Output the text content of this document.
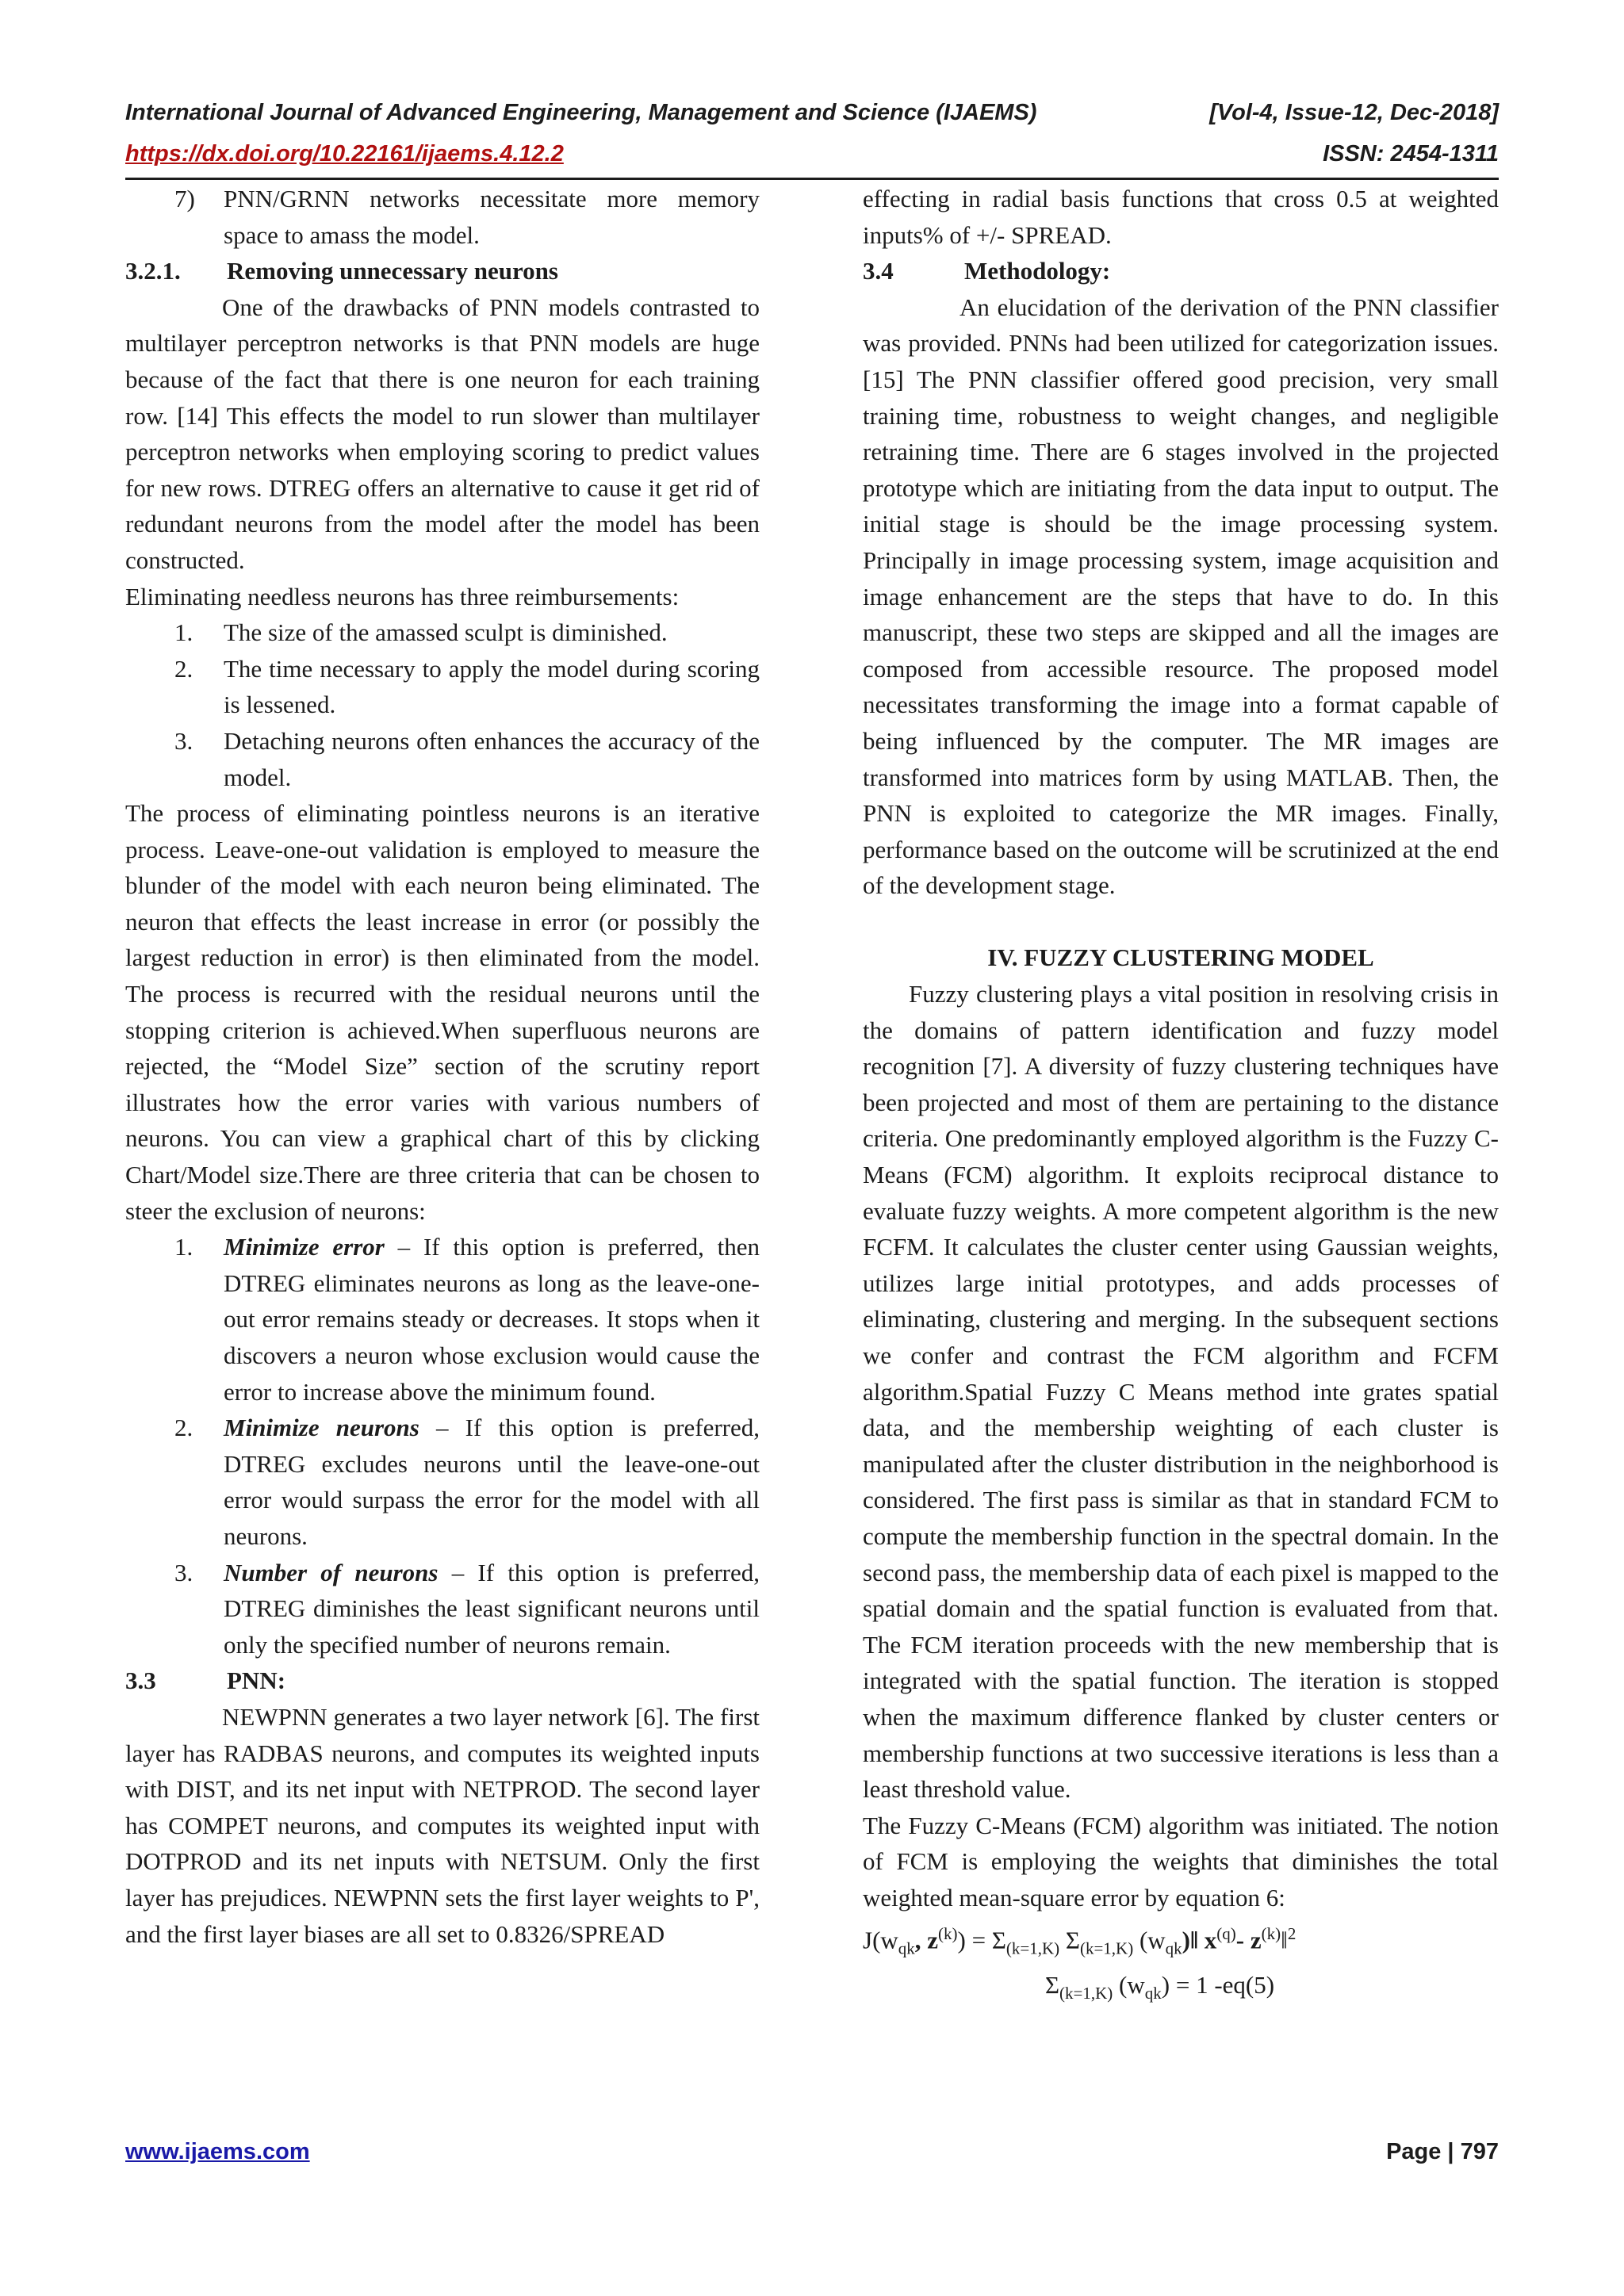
International Journal of Advanced Engineering, Management and Science (IJAEMS)	[Vol-4, Issue-12, Dec-2018]
https://dx.doi.org/10.22161/ijaems.4.12.2	ISSN: 2454-1311
7) PNN/GRNN networks necessitate more memory space to amass the model.

3.2.1. Removing unnecessary neurons

One of the drawbacks of PNN models contrasted to multilayer perceptron networks is that PNN models are huge because of the fact that there is one neuron for each training row. [14] This effects the model to run slower than multilayer perceptron networks when employing scoring to predict values for new rows. DTREG offers an alternative to cause it get rid of redundant neurons from the model after the model has been constructed.

Eliminating needless neurons has three reimbursements:

1. The size of the amassed sculpt is diminished.
2. The time necessary to apply the model during scoring is lessened.
3. Detaching neurons often enhances the accuracy of the model.

The process of eliminating pointless neurons is an iterative process. Leave-one-out validation is employed to measure the blunder of the model with each neuron being eliminated. The neuron that effects the least increase in error (or possibly the largest reduction in error) is then eliminated from the model. The process is recurred with the residual neurons until the stopping criterion is achieved.When superfluous neurons are rejected, the “Model Size” section of the scrutiny report illustrates how the error varies with various numbers of neurons. You can view a graphical chart of this by clicking Chart/Model size.There are three criteria that can be chosen to steer the exclusion of neurons:

1. Minimize error – If this option is preferred, then DTREG eliminates neurons as long as the leave-one-out error remains steady or decreases. It stops when it discovers a neuron whose exclusion would cause the error to increase above the minimum found.
2. Minimize neurons – If this option is preferred, DTREG excludes neurons until the leave-one-out error would surpass the error for the model with all neurons.
3. Number of neurons – If this option is preferred, DTREG diminishes the least significant neurons until only the specified number of neurons remain.

3.3	PNN:

NEWPNN generates a two layer network [6]. The first layer has RADBAS neurons, and computes its weighted inputs with DIST, and its net input with NETPROD. The second layer has COMPET neurons, and computes its weighted input with DOTPROD and its net inputs with NETSUM. Only the first layer has prejudices. NEWPNN sets the first layer weights to P', and the first layer biases are all set to 0.8326/SPREAD

effecting in radial basis functions that cross 0.5 at weighted inputs% of +/- SPREAD.

3.4	Methodology:

An elucidation of the derivation of the PNN classifier was provided. PNNs had been utilized for categorization issues.[15] The PNN classifier offered good precision, very small training time, robustness to weight changes, and negligible retraining time. There are 6 stages involved in the projected prototype which are initiating from the data input to output. The initial stage is should be the image processing system. Principally in image processing system, image acquisition and image enhancement are the steps that have to do. In this manuscript, these two steps are skipped and all the images are composed from accessible resource. The proposed model necessitates transforming the image into a format capable of being influenced by the computer. The MR images are transformed into matrices form by using MATLAB. Then, the PNN is exploited to categorize the MR images. Finally, performance based on the outcome will be scrutinized at the end of the development stage.

IV. FUZZY CLUSTERING MODEL

Fuzzy clustering plays a vital position in resolving crisis in the domains of pattern identification and fuzzy model recognition [7]. A diversity of fuzzy clustering techniques have been projected and most of them are pertaining to the distance criteria. One predominantly employed algorithm is the Fuzzy C-Means (FCM) algorithm. It exploits reciprocal distance to evaluate fuzzy weights. A more competent algorithm is the new FCFM. It calculates the cluster center using Gaussian weights, utilizes large initial prototypes, and adds processes of eliminating, clustering and merging. In the subsequent sections we confer and contrast the FCM algorithm and FCFM algorithm.Spatial Fuzzy C Means method inte grates spatial data, and the membership weighting of each cluster is manipulated after the cluster distribution in the neighborhood is considered. The first pass is similar as that in standard FCM to compute the membership function in the spectral domain. In the second pass, the membership data of each pixel is mapped to the spatial domain and the spatial function is evaluated from that. The FCM iteration proceeds with the new membership that is integrated with the spatial function. The iteration is stopped when the maximum difference flanked by cluster centers or membership functions at two successive iterations is less than a least threshold value.

The Fuzzy C-Means (FCM) algorithm was initiated. The notion of FCM is employing the weights that diminishes the total weighted mean-square error by equation 6:

$J(w_{qk}$, $z^{(k)}) = \Sigma_{(k=1,K)}$ $\Sigma_{(k=1,K)}$ $(w_{qk})‖$ $x^{(q)}-$ $z^{(k)}‖^2$
$\Sigma_{(k=1,K)}$ $(w_{qk}) = 1$ -eq(5)
www.ijaems.com	Page | 797
